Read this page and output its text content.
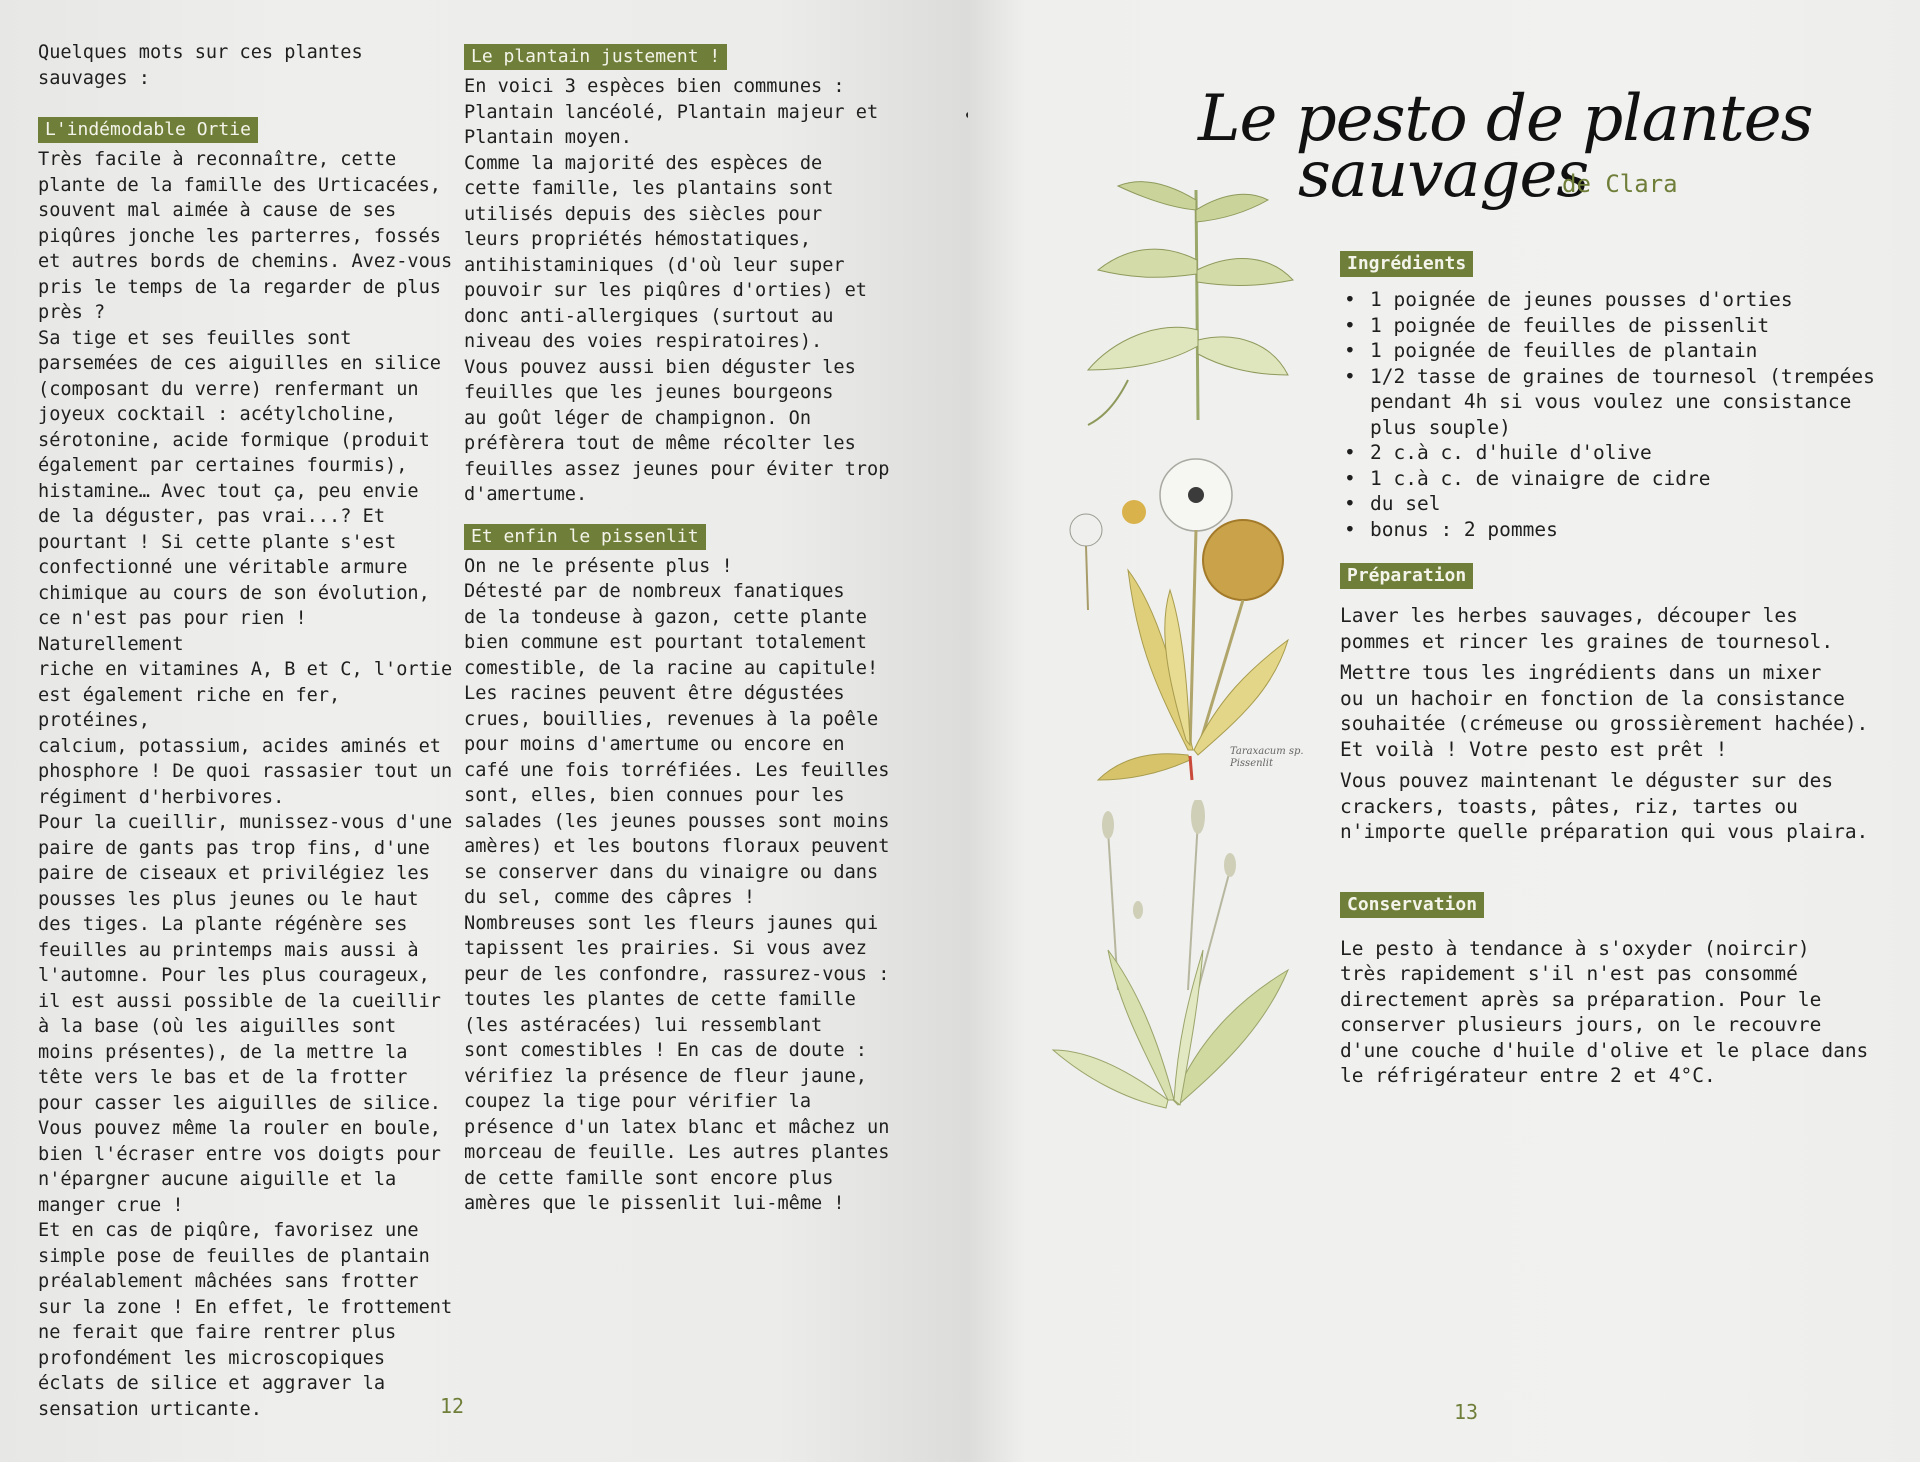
Quelques mots sur ces plantes
sauvages :

L'indémodable Ortie

Très facile à reconnaître, cette
plante de la famille des Urticacées,
souvent mal aimée à cause de ses
piqûres jonche les parterres, fossés
et autres bords de chemins. Avez-vous
pris le temps de la regarder de plus
près ?
Sa tige et ses feuilles sont
parsemées de ces aiguilles en silice
(composant du verre) renfermant un
joyeux cocktail : acétylcholine,
sérotonine, acide formique (produit
également par certaines fourmis),
histamine… Avec tout ça, peu envie
de la déguster, pas vrai...? Et
pourtant ! Si cette plante s'est
confectionné une véritable armure
chimique au cours de son évolution,
ce n'est pas pour rien ! Naturellement
riche en vitamines A, B et C, l'ortie
est également riche en fer, protéines,
calcium, potassium, acides aminés et
phosphore ! De quoi rassasier tout un
régiment d'herbivores.
Pour la cueillir, munissez-vous d'une
paire de gants pas trop fins, d'une
paire de ciseaux et privilégiez les
pousses les plus jeunes ou le haut
des tiges. La plante régénère ses
feuilles au printemps mais aussi à
l'automne. Pour les plus courageux,
il est aussi possible de la cueillir
à la base (où les aiguilles sont
moins présentes), de la mettre la
tête vers le bas et de la frotter
pour casser les aiguilles de silice.
Vous pouvez même la rouler en boule,
bien l'écraser entre vos doigts pour
n'épargner aucune aiguille et la
manger crue !
Et en cas de piqûre, favorisez une
simple pose de feuilles de plantain
préalablement mâchées sans frotter
sur la zone ! En effet, le frottement
ne ferait que faire rentrer plus
profondément les microscopiques
éclats de silice et aggraver la
sensation urticante.

Le plantain justement !

En voici 3 espèces bien communes :
Plantain lancéolé, Plantain majeur et
Plantain moyen.
Comme la majorité des espèces de
cette famille, les plantains sont
utilisés depuis des siècles pour
leurs propriétés hémostatiques,
antihistaminiques (d'où leur super
pouvoir sur les piqûres d'orties) et
donc anti-allergiques (surtout au
niveau des voies respiratoires).
Vous pouvez aussi bien déguster les
feuilles que les jeunes bourgeons
au goût léger de champignon. On
préfèrera tout de même récolter les
feuilles assez jeunes pour éviter trop
d'amertume.

Et enfin le pissenlit

On ne le présente plus !
Détesté par de nombreux fanatiques
de la tondeuse à gazon, cette plante
bien commune est pourtant totalement
comestible, de la racine au capitule!
Les racines peuvent être dégustées
crues, bouillies, revenues à la poêle
pour moins d'amertume ou encore en
café une fois torréfiées. Les feuilles
sont, elles, bien connues pour les
salades (les jeunes pousses sont moins
amères) et les boutons floraux peuvent
se conserver dans du vinaigre ou dans
du sel, comme des câpres !
Nombreuses sont les fleurs jaunes qui
tapissent les prairies. Si vous avez
peur de les confondre, rassurez-vous :
toutes les plantes de cette famille
(les astéracées) lui ressemblant
sont comestibles ! En cas de doute :
vérifiez la présence de fleur jaune,
coupez la tige pour vérifier la
présence d'un latex blanc et mâchez un
morceau de feuille. Les autres plantes
de cette famille sont encore plus
amères que le pissenlit lui-même !

12
Le pesto de plantes
sauvages
de Clara
Taraxacum sp.
Pissenlit
Ingrédients
• 1 poignée de jeunes pousses d'orties
• 1 poignée de feuilles de pissenlit
• 1 poignée de feuilles de plantain
• 1/2 tasse de graines de tournesol (trempées
pendant 4h si vous voulez une consistance
plus souple)
• 2 c.à c. d'huile d'olive
• 1 c.à c. de vinaigre de cidre
• du sel
• bonus : 2 pommes
Préparation

Laver les herbes sauvages, découper les
pommes et rincer les graines de tournesol.

Mettre tous les ingrédients dans un mixer
ou un hachoir en fonction de la consistance
souhaitée (crémeuse ou grossièrement hachée).
Et voilà ! Votre pesto est prêt !

Vous pouvez maintenant le déguster sur des
crackers, toasts, pâtes, riz, tartes ou
n'importe quelle préparation qui vous plaira.

Conservation

Le pesto à tendance à s'oxyder (noircir)
très rapidement s'il n'est pas consommé
directement après sa préparation. Pour le
conserver plusieurs jours, on le recouvre
d'une couche d'huile d'olive et le place dans
le réfrigérateur entre 2 et 4°C.

13
